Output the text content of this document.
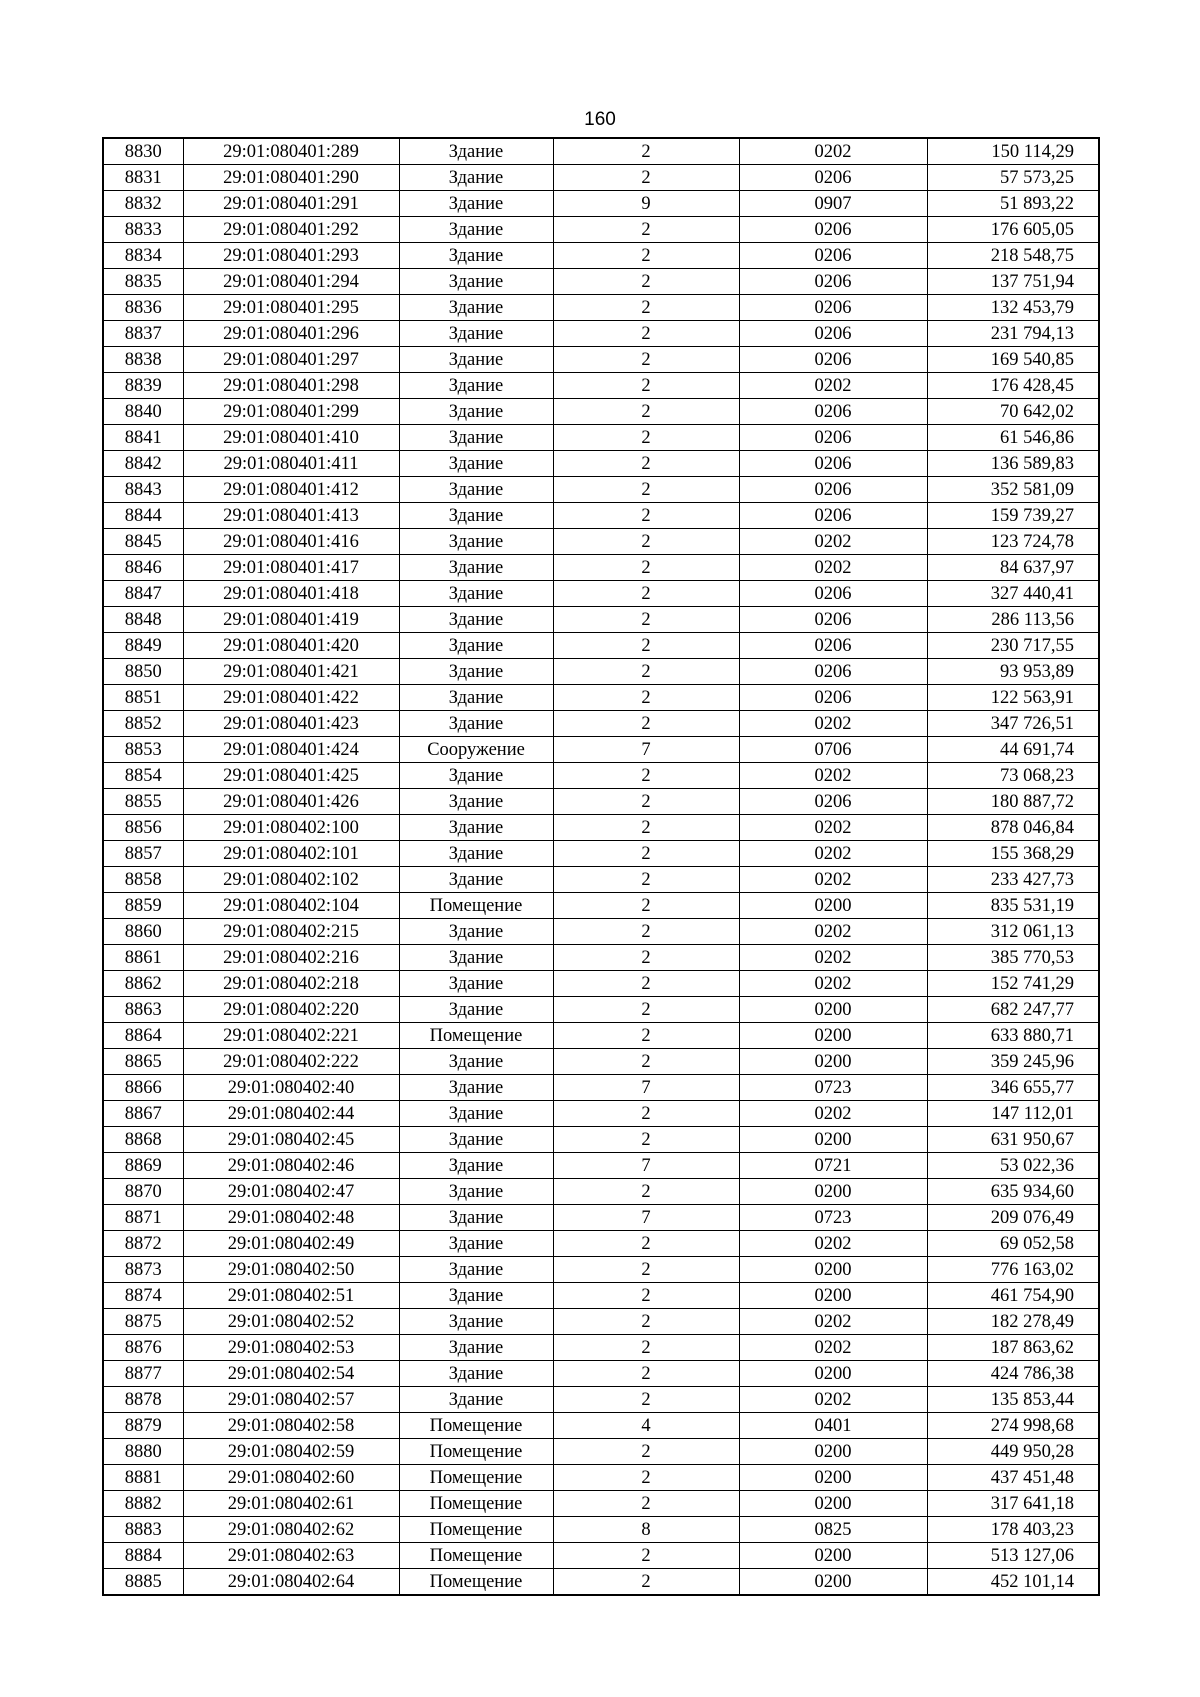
160
8830	29:01:080401:289	Здание	2	0202	150 114,29
8831	29:01:080401:290	Здание	2	0206	57 573,25
8832	29:01:080401:291	Здание	9	0907	51 893,22
8833	29:01:080401:292	Здание	2	0206	176 605,05
8834	29:01:080401:293	Здание	2	0206	218 548,75
8835	29:01:080401:294	Здание	2	0206	137 751,94
8836	29:01:080401:295	Здание	2	0206	132 453,79
8837	29:01:080401:296	Здание	2	0206	231 794,13
8838	29:01:080401:297	Здание	2	0206	169 540,85
8839	29:01:080401:298	Здание	2	0202	176 428,45
8840	29:01:080401:299	Здание	2	0206	70 642,02
8841	29:01:080401:410	Здание	2	0206	61 546,86
8842	29:01:080401:411	Здание	2	0206	136 589,83
8843	29:01:080401:412	Здание	2	0206	352 581,09
8844	29:01:080401:413	Здание	2	0206	159 739,27
8845	29:01:080401:416	Здание	2	0202	123 724,78
8846	29:01:080401:417	Здание	2	0202	84 637,97
8847	29:01:080401:418	Здание	2	0206	327 440,41
8848	29:01:080401:419	Здание	2	0206	286 113,56
8849	29:01:080401:420	Здание	2	0206	230 717,55
8850	29:01:080401:421	Здание	2	0206	93 953,89
8851	29:01:080401:422	Здание	2	0206	122 563,91
8852	29:01:080401:423	Здание	2	0202	347 726,51
8853	29:01:080401:424	Сооружение	7	0706	44 691,74
8854	29:01:080401:425	Здание	2	0202	73 068,23
8855	29:01:080401:426	Здание	2	0206	180 887,72
8856	29:01:080402:100	Здание	2	0202	878 046,84
8857	29:01:080402:101	Здание	2	0202	155 368,29
8858	29:01:080402:102	Здание	2	0202	233 427,73
8859	29:01:080402:104	Помещение	2	0200	835 531,19
8860	29:01:080402:215	Здание	2	0202	312 061,13
8861	29:01:080402:216	Здание	2	0202	385 770,53
8862	29:01:080402:218	Здание	2	0202	152 741,29
8863	29:01:080402:220	Здание	2	0200	682 247,77
8864	29:01:080402:221	Помещение	2	0200	633 880,71
8865	29:01:080402:222	Здание	2	0200	359 245,96
8866	29:01:080402:40	Здание	7	0723	346 655,77
8867	29:01:080402:44	Здание	2	0202	147 112,01
8868	29:01:080402:45	Здание	2	0200	631 950,67
8869	29:01:080402:46	Здание	7	0721	53 022,36
8870	29:01:080402:47	Здание	2	0200	635 934,60
8871	29:01:080402:48	Здание	7	0723	209 076,49
8872	29:01:080402:49	Здание	2	0202	69 052,58
8873	29:01:080402:50	Здание	2	0200	776 163,02
8874	29:01:080402:51	Здание	2	0200	461 754,90
8875	29:01:080402:52	Здание	2	0202	182 278,49
8876	29:01:080402:53	Здание	2	0202	187 863,62
8877	29:01:080402:54	Здание	2	0200	424 786,38
8878	29:01:080402:57	Здание	2	0202	135 853,44
8879	29:01:080402:58	Помещение	4	0401	274 998,68
8880	29:01:080402:59	Помещение	2	0200	449 950,28
8881	29:01:080402:60	Помещение	2	0200	437 451,48
8882	29:01:080402:61	Помещение	2	0200	317 641,18
8883	29:01:080402:62	Помещение	8	0825	178 403,23
8884	29:01:080402:63	Помещение	2	0200	513 127,06
8885	29:01:080402:64	Помещение	2	0200	452 101,14
